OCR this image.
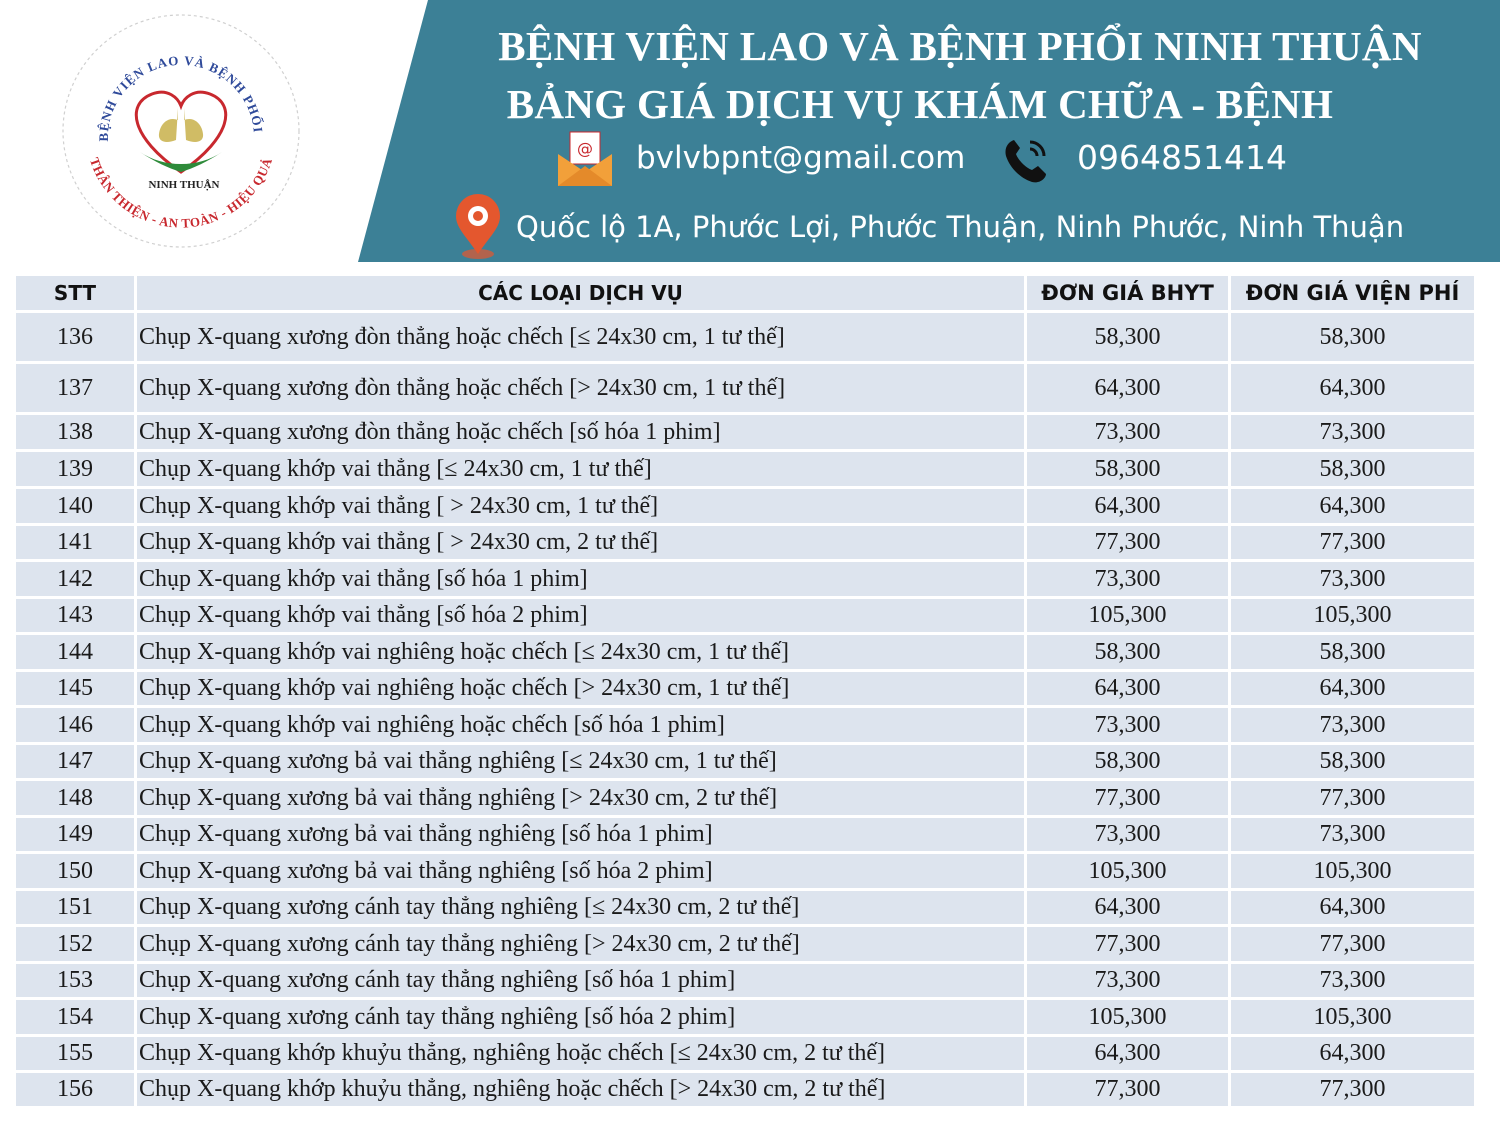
BỆNH VIỆN LAO VÀ BỆNH PHỔI
NINH THUẬN
THÂN THIỆN - AN TOÀN - HIỆU QUẢ
BỆNH VIỆN LAO VÀ BỆNH PHỔI NINH THUẬN
BẢNG GIÁ DỊCH VỤ KHÁM CHỮA - BỆNH
@ bvlvbpnt@gmail.com	0964851414
Quốc lộ 1A, Phước Lợi, Phước Thuận, Ninh Phước, Ninh Thuận
STT	CÁC LOẠI DỊCH VỤ	ĐƠN GIÁ BHYT	ĐƠN GIÁ VIỆN PHÍ
136	Chụp X-quang xương đòn thẳng hoặc chếch [≤ 24x30 cm, 1 tư thế]	58,300	58,300
137	Chụp X-quang xương đòn thẳng hoặc chếch [> 24x30 cm, 1 tư thế]	64,300	64,300
138	Chụp X-quang xương đòn thẳng hoặc chếch [số hóa 1 phim]	73,300	73,300
139	Chụp X-quang khớp vai thẳng [≤ 24x30 cm, 1 tư thế]	58,300	58,300
140	Chụp X-quang khớp vai thẳng [ > 24x30 cm, 1 tư thế]	64,300	64,300
141	Chụp X-quang khớp vai thẳng [ > 24x30 cm, 2 tư thế]	77,300	77,300
142	Chụp X-quang khớp vai thẳng [số hóa 1 phim]	73,300	73,300
143	Chụp X-quang khớp vai thẳng [số hóa 2 phim]	105,300	105,300
144	Chụp X-quang khớp vai nghiêng hoặc chếch [≤ 24x30 cm, 1 tư thế]	58,300	58,300
145	Chụp X-quang khớp vai nghiêng hoặc chếch [> 24x30 cm, 1 tư thế]	64,300	64,300
146	Chụp X-quang khớp vai nghiêng hoặc chếch [số hóa 1 phim]	73,300	73,300
147	Chụp X-quang xương bả vai thẳng nghiêng [≤ 24x30 cm, 1 tư thế]	58,300	58,300
148	Chụp X-quang xương bả vai thẳng nghiêng [> 24x30 cm, 2 tư thế]	77,300	77,300
149	Chụp X-quang xương bả vai thẳng nghiêng [số hóa 1 phim]	73,300	73,300
150	Chụp X-quang xương bả vai thẳng nghiêng [số hóa 2 phim]	105,300	105,300
151	Chụp X-quang xương cánh tay thẳng nghiêng [≤ 24x30 cm, 2 tư thế]	64,300	64,300
152	Chụp X-quang xương cánh tay thẳng nghiêng [> 24x30 cm, 2 tư thế]	77,300	77,300
153	Chụp X-quang xương cánh tay thẳng nghiêng [số hóa 1 phim]	73,300	73,300
154	Chụp X-quang xương cánh tay thẳng nghiêng [số hóa 2 phim]	105,300	105,300
155	Chụp X-quang khớp khuỷu thẳng, nghiêng hoặc chếch [≤ 24x30 cm, 2 tư thế]	64,300	64,300
156	Chụp X-quang khớp khuỷu thẳng, nghiêng hoặc chếch [> 24x30 cm, 2 tư thế]	77,300	77,300
